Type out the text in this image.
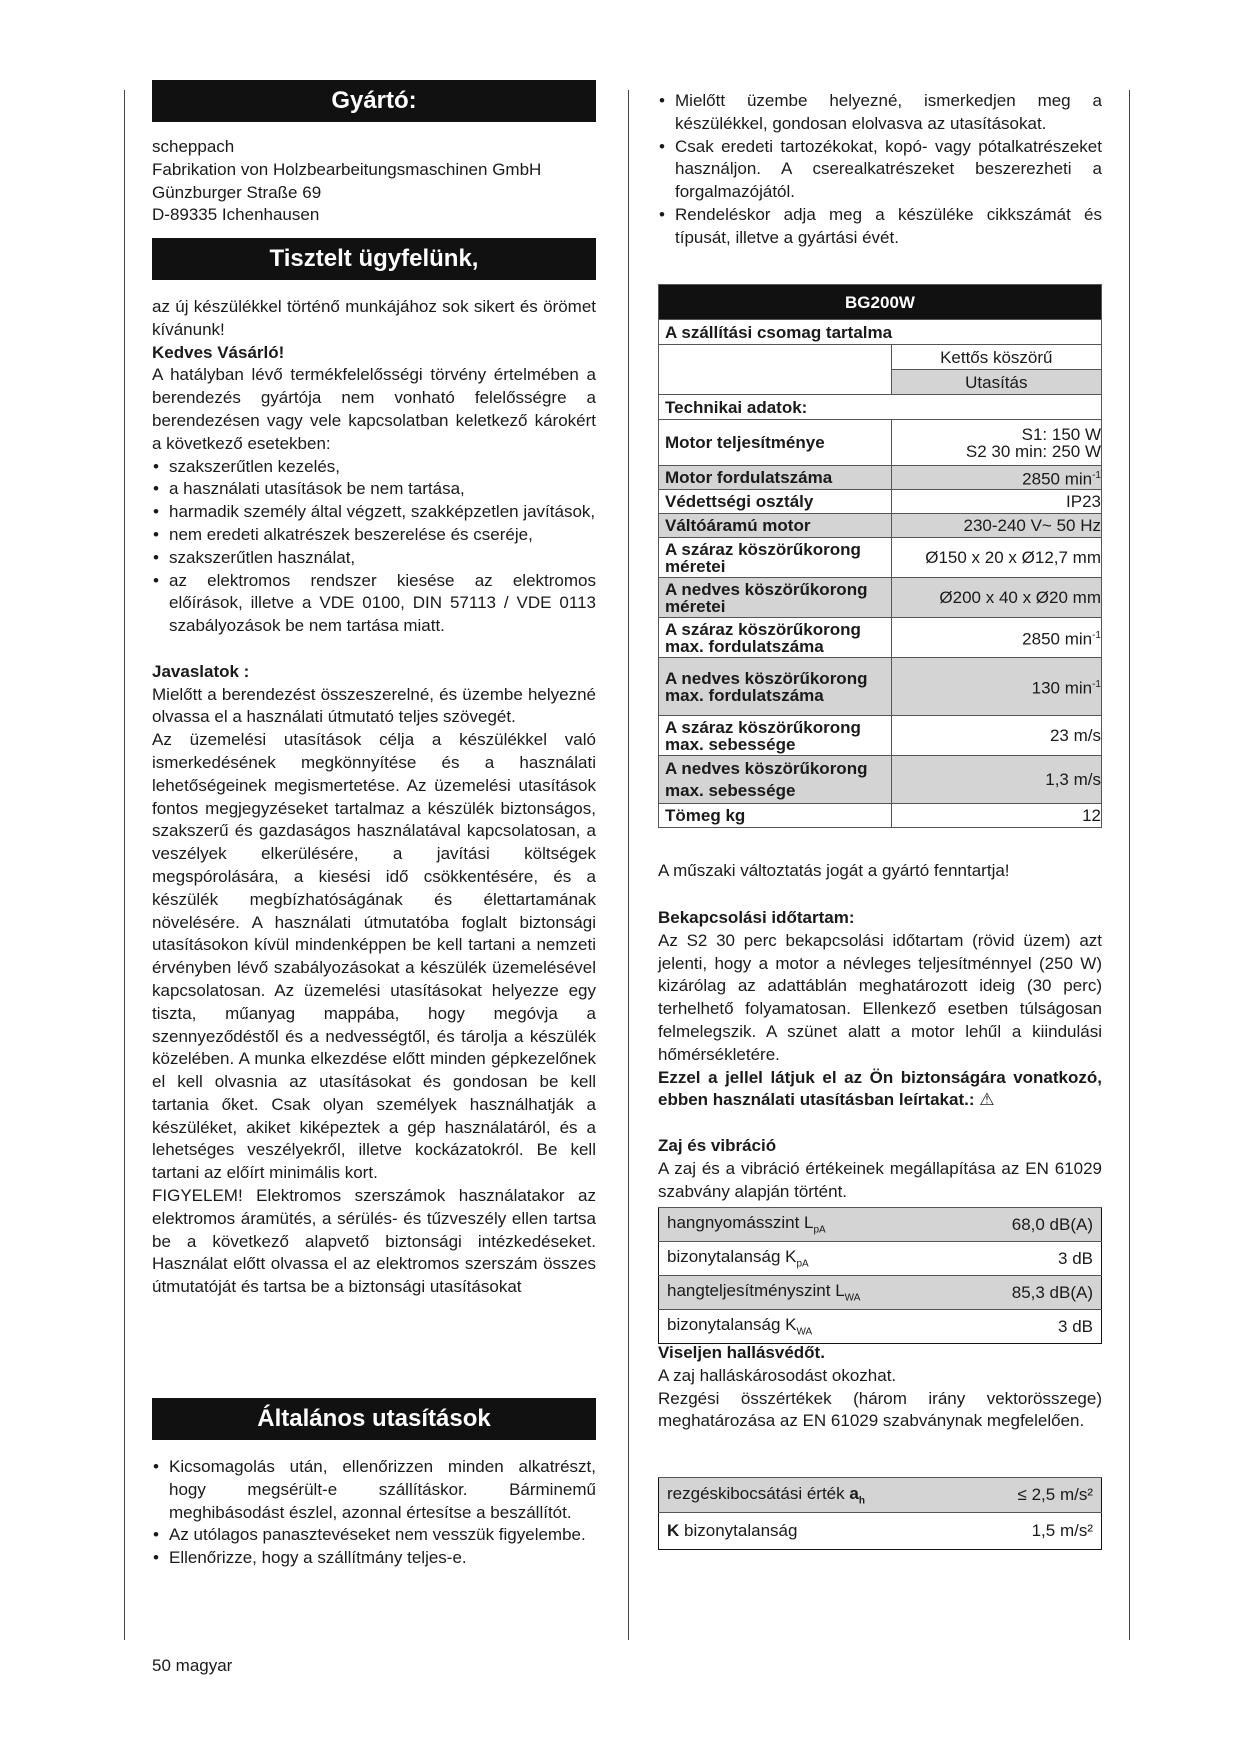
Gyártó:
scheppach
Fabrikation von Holzbearbeitungsmaschinen GmbH
Günzburger Straße 69
D-89335 Ichenhausen
Tisztelt ügyfelünk,

az új készülékkel történő munkájához sok sikert és örömet kívánunk!

Kedves Vásárló!

A hatályban lévő termékfelelősségi törvény értelmében a berendezés gyártója nem vonható felelősségre a berendezésen vagy vele kapcsolatban keletkező károkért a következő esetekben:

• szakszerűtlen kezelés,
• a használati utasítások be nem tartása,
• harmadik személy által végzett, szakképzetlen javítások,
• nem eredeti alkatrészek beszerelése és cseréje,
• szakszerűtlen használat,
• az elektromos rendszer kiesése az elektromos előírások, illetve a VDE 0100, DIN 57113 / VDE 0113 szabályozások be nem tartása miatt.

Javaslatok :

Mielőtt a berendezést összeszerelné, és üzembe helyezné olvassa el a használati útmutató teljes szövegét.

Az üzemelési utasítások célja a készülékkel való ismerkedésének megkönnyítése és a használati lehetőségeinek megismertetése. Az üzemelési utasítások fontos megjegyzéseket tartalmaz a készülék biztonságos, szakszerű és gazdaságos használatával kapcsolatosan, a veszélyek elkerülésére, a javítási költségek megspórolására, a kiesési idő csökkentésére, és a készülék megbízhatóságának és élettartamának növelésére. A használati útmutatóba foglalt biztonsági utasításokon kívül mindenképpen be kell tartani a nemzeti érvényben lévő szabályozásokat a készülék üzemelésével kapcsolatosan. Az üzemelési utasításokat helyezze egy tiszta, műanyag mappába, hogy megóvja a szennyeződéstől és a nedvességtől, és tárolja a készülék közelében. A munka elkezdése előtt minden gépkezelőnek el kell olvasnia az utasításokat és gondosan be kell tartania őket. Csak olyan személyek használhatják a készüléket, akiket kiképeztek a gép használatáról, és a lehetséges veszélyekről, illetve kockázatokról. Be kell tartani az előírt minimális kort.

FIGYELEM! Elektromos szerszámok használatakor az elektromos áramütés, a sérülés- és tűzveszély ellen tartsa be a következő alapvető biztonsági intézkedéseket. Használat előtt olvassa el az elektromos szerszám összes útmutatóját és tartsa be a biztonsági utasításokat

Általános utasítások
• Kicsomagolás után, ellenőrizzen minden alkatrészt, hogy megsérült-e szállításkor. Bárminemű meghibásodást észlel, azonnal értesítse a beszállítót.
• Az utólagos panasztevéseket nem vesszük figyelembe.
• Ellenőrizze, hogy a szállítmány teljes-e.
50 magyar
• Mielőtt üzembe helyezné, ismerkedjen meg a készülékkel, gondosan elolvasva az utasításokat.
• Csak eredeti tartozékokat, kopó- vagy pótalkatrészeket használjon. A cserealkatrészeket beszerezheti a forgalmazójától.
• Rendeléskor adja meg a készüléke cikkszámát és típusát, illetve a gyártási évét.
BG200W	
A szállítási csomag tartalma	
	Kettős köszörű
	Utasítás
Technikai adatok:	
Motor teljesítménye	S1: 150 W
S2 30 min: 250 W

Motor fordulatszáma	2850 $\min^{-1}$
Védettségi osztály	IP23
Váltóáramú motor	230-240 V~ 50 Hz
A száraz köszörűkorong méretei	Ø150 x 20 x Ø12,7 mm
A nedves köszörűkorong méretei	Ø200 x 40 x Ø20 mm
A száraz köszörűkorong max. fordulatszáma	2850 $\min^{-1}$
A nedves köszörűkorong max. fordulatszáma	130 $\min^{-1}$
A száraz köszörűkorong max. sebessége	23 m/s
A nedves köszörűkorong max. sebessége	1,3 m/s
Tömeg kg	12
A műszaki változtatás jogát a gyártó fenntartja!

Bekapcsolási időtartam:

Az S2 30 perc bekapcsolási időtartam (rövid üzem) azt jelenti, hogy a motor a névleges teljesítménnyel (250 W) kizárólag az adattáblán meghatározott ideig (30 perc) terhelhető folyamatosan. Ellenkező esetben túlságosan felmelegszik. A szünet alatt a motor lehűl a kiindulási hőmérsékletére.

Ezzel a jellel látjuk el az Ön biztonságára vonatkozó, ebben használati utasításban leírtakat.: ⚠

Zaj és vibráció

A zaj és a vibráció értékeinek megállapítása az EN 61029 szabvány alapján történt.

hangnyomásszint $L_{pA}$	68,0 dB(A)
bizonytalanság $K_{pA}$	3 dB
hangteljesítményszint $L_{WA}$	85,3 dB(A)
bizonytalanság $K_{WA}$	3 dB

Viseljen hallásvédőt.

A zaj halláskárosodást okozhat.

Rezgési összértékek (három irány vektorösszege) meghatározása az EN 61029 szabványnak megfelelően.

rezgéskibocsátási érték $a_h$	≤ 2,5 m/s²
K bizonytalanság	1,5 m/s²
